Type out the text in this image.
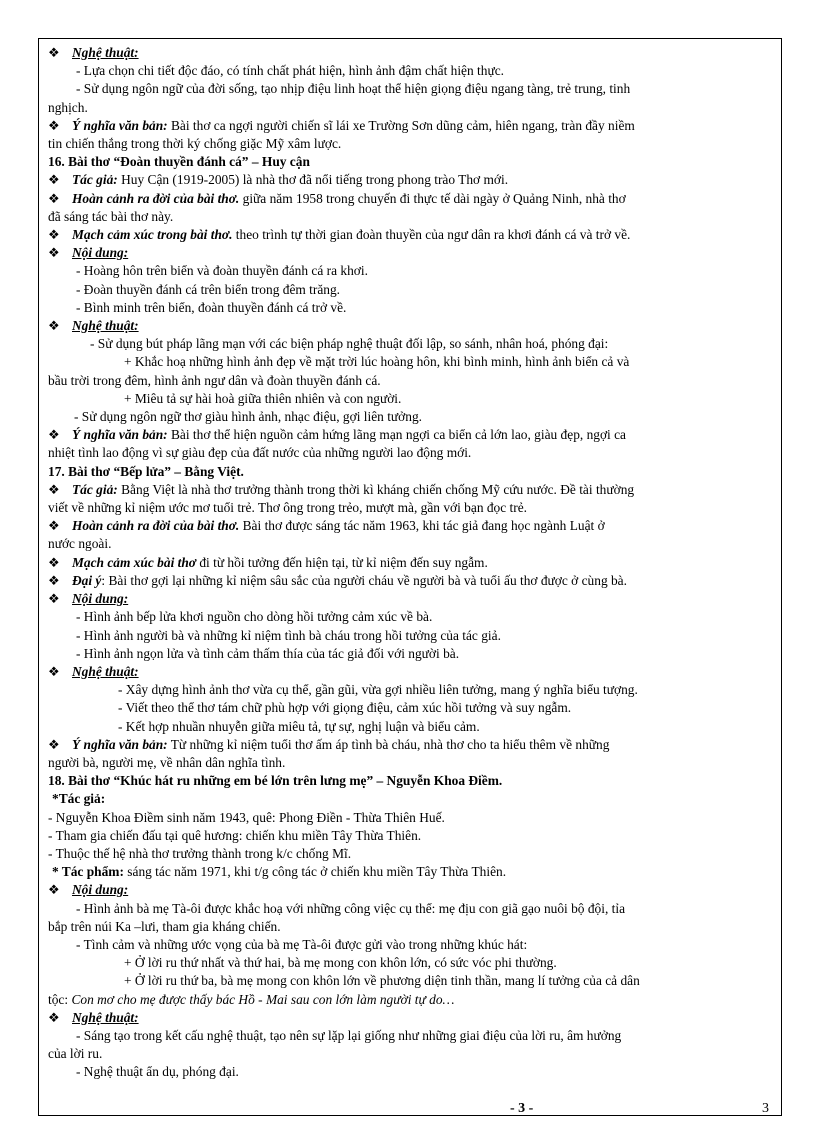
❖ Nghệ thuật:
- Lựa chọn chi tiết độc đáo, có tính chất phát hiện, hình ảnh đậm chất hiện thực.
- Sử dụng ngôn ngữ của đời sống, tạo nhịp điệu linh hoạt thể hiện giọng điệu ngang tàng, trẻ trung, tinh
nghịch.
❖ Ý nghĩa văn bản: Bài thơ ca ngợi người chiến sĩ lái xe Trường Sơn dũng cảm, hiên ngang, tràn đầy niềm
tin chiến thắng trong thời ký chống giặc Mỹ xâm lược.
16. Bài thơ “Đoàn thuyền đánh cá” – Huy cận
❖ Tác giả: Huy Cận (1919-2005) là nhà thơ đã nổi tiếng trong phong trào Thơ mới.
❖ Hoàn cảnh ra đời của bài thơ. giữa năm 1958 trong chuyến đi thực tế dài ngày ở Quảng Ninh, nhà thơ
đã sáng tác bài thơ này.
❖ Mạch cảm xúc trong bài thơ. theo trình tự thời gian đoàn thuyền của ngư dân ra khơi đánh cá và trở về.
❖ Nội dung:
- Hoàng hôn trên biển và đoàn thuyền đánh cá ra khơi.
- Đoàn thuyền đánh cá trên biển trong đêm trăng.
- Bình minh trên biển, đoàn thuyền đánh cá trở về.
❖ Nghệ thuật:
- Sử dụng bút pháp lãng mạn với các biện pháp nghệ thuật đối lập, so sánh, nhân hoá, phóng đại:
+ Khắc hoạ những hình ảnh đẹp về mặt trời lúc hoàng hôn, khi bình minh, hình ảnh biển cả và
bầu trời trong đêm, hình ảnh ngư dân và đoàn thuyền đánh cá.
+ Miêu tả sự hài hoà giữa thiên nhiên và con người.
- Sử dụng ngôn ngữ thơ giàu hình ảnh, nhạc điệu, gợi liên tưởng.
❖ Ý nghĩa văn bản: Bài thơ thể hiện nguồn cảm hứng lãng mạn ngợi ca biển cả lớn lao, giàu đẹp, ngợi ca
nhiệt tình lao động vì sự giàu đẹp của đất nước của những người lao động mới.
17. Bài thơ “Bếp lửa” – Bằng Việt.
❖ Tác giả: Bằng Việt là nhà thơ trưởng thành trong thời kì kháng chiến chống Mỹ cứu nước. Đề tài thường
viết về những kỉ niệm ước mơ tuổi trẻ. Thơ ông trong trẻo, mượt mà, gần với bạn đọc trẻ.
❖ Hoàn cảnh ra đời của bài thơ. Bài thơ được sáng tác năm 1963, khi tác giả đang học ngành Luật ở
nước ngoài.
❖ Mạch cảm xúc bài thơ đi từ hồi tưởng đến hiện tại, từ kỉ niệm đến suy ngẫm.
❖ Đại ý: Bài thơ gợi lại những kỉ niệm sâu sắc của người cháu về người bà và tuổi ấu thơ được ở cùng bà.
❖ Nội dung:
- Hình ảnh bếp lửa khơi nguồn cho dòng hồi tưởng cảm xúc về bà.
- Hình ảnh người bà và những kỉ niệm tình bà cháu trong hồi tưởng của tác giả.
- Hình ảnh ngọn lửa và tình cảm thấm thía của tác giả đối với người bà.
❖ Nghệ thuật:
- Xây dựng hình ảnh thơ vừa cụ thể, gần gũi, vừa gợi nhiều liên tưởng, mang ý nghĩa biểu tượng.
- Viết theo thể thơ tám chữ phù hợp với giọng điệu, cảm xúc hồi tưởng và suy ngẫm.
- Kết hợp nhuần nhuyễn giữa miêu tả, tự sự, nghị luận và biểu cảm.
❖ Ý nghĩa văn bản: Từ những kỉ niệm tuổi thơ ấm áp tình bà cháu, nhà thơ cho ta hiểu thêm về những
người bà, người mẹ, về nhân dân nghĩa tình.
18. Bài thơ “Khúc hát ru những em bé lớn trên lưng mẹ” – Nguyễn Khoa Điềm.
*Tác giả:
- Nguyễn Khoa Điềm sinh năm 1943, quê: Phong Điền - Thừa Thiên Huế.
- Tham gia chiến đấu tại quê hương: chiến khu miền Tây Thừa Thiên.
- Thuộc thế hệ nhà thơ trưởng thành trong k/c chống Mĩ.
* Tác phẩm: sáng tác năm 1971, khi t/g công tác ở chiến khu miền Tây Thừa Thiên.
❖ Nội dung:
- Hình ảnh bà mẹ Tà-ôi được khắc hoạ với những công việc cụ thể: mẹ địu con giã gạo nuôi bộ đội, tỉa
bắp trên núi Ka –lưi, tham gia kháng chiến.
- Tình cảm và những ước vọng của bà mẹ Tà-ôi được gửi vào trong những khúc hát:
+ Ở lời ru thứ nhất và thứ hai, bà mẹ mong con khôn lớn, có sức vóc phi thường.
+ Ở lời ru thứ ba, bà mẹ mong con khôn lớn về phương diện tinh thần, mang lí tưởng của cả dân
tộc: Con mơ cho mẹ được thấy bác Hồ - Mai sau con lớn làm người tự do…
❖ Nghệ thuật:
- Sáng tạo trong kết cấu nghệ thuật, tạo nên sự lặp lại giống như những giai điệu của lời ru, âm hưởng
của lời ru.
- Nghệ thuật ẩn dụ, phóng đại.
- 3 -	3
